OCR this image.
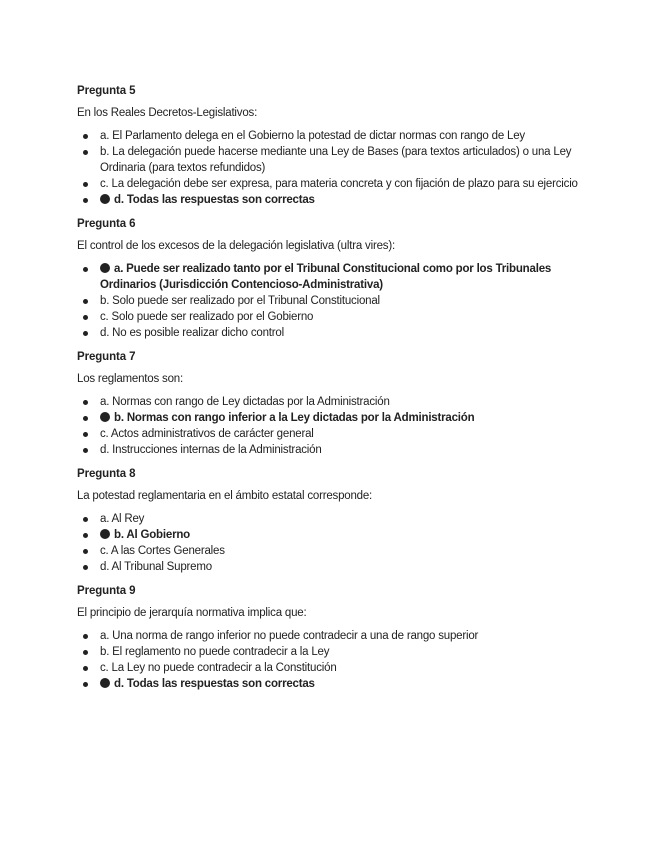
Pregunta 5
En los Reales Decretos-Legislativos:
a. El Parlamento delega en el Gobierno la potestad de dictar normas con rango de Ley
b. La delegación puede hacerse mediante una Ley de Bases (para textos articulados) o una Ley Ordinaria (para textos refundidos)
c. La delegación debe ser expresa, para materia concreta y con fijación de plazo para su ejercicio
d. Todas las respuestas son correctas
Pregunta 6
El control de los excesos de la delegación legislativa (ultra vires):
a. Puede ser realizado tanto por el Tribunal Constitucional como por los Tribunales Ordinarios (Jurisdicción Contencioso-Administrativa)
b. Solo puede ser realizado por el Tribunal Constitucional
c. Solo puede ser realizado por el Gobierno
d. No es posible realizar dicho control
Pregunta 7
Los reglamentos son:
a. Normas con rango de Ley dictadas por la Administración
b. Normas con rango inferior a la Ley dictadas por la Administración
c. Actos administrativos de carácter general
d. Instrucciones internas de la Administración
Pregunta 8
La potestad reglamentaria en el ámbito estatal corresponde:
a. Al Rey
b. Al Gobierno
c. A las Cortes Generales
d. Al Tribunal Supremo
Pregunta 9
El principio de jerarquía normativa implica que:
a. Una norma de rango inferior no puede contradecir a una de rango superior
b. El reglamento no puede contradecir a la Ley
c. La Ley no puede contradecir a la Constitución
d. Todas las respuestas son correctas
